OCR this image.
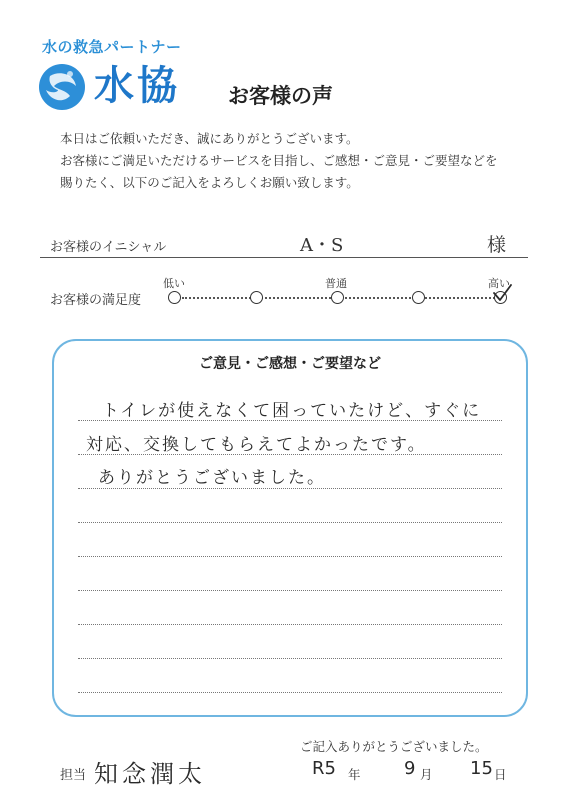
水の救急パートナー
水協 お客様の声
本日はご依頼いただき、誠にありがとうございます。
お客様にご満足いただけるサービスを目指し、ご感想・ご意見・ご要望などを
賜りたく、以下のご記入をよろしくお願い致します。
お客様のイニシャル	A・S	様
お客様の満足度
低い	普通	高い
ご意見・ご感想・ご要望など
トイレが使えなくて困っていたけど、すぐに
対応、交換してもらえてよかったです。
ありがとうございました。
ご記入ありがとうございました。
担当 知念潤太	R5 年 9 月 15 日
